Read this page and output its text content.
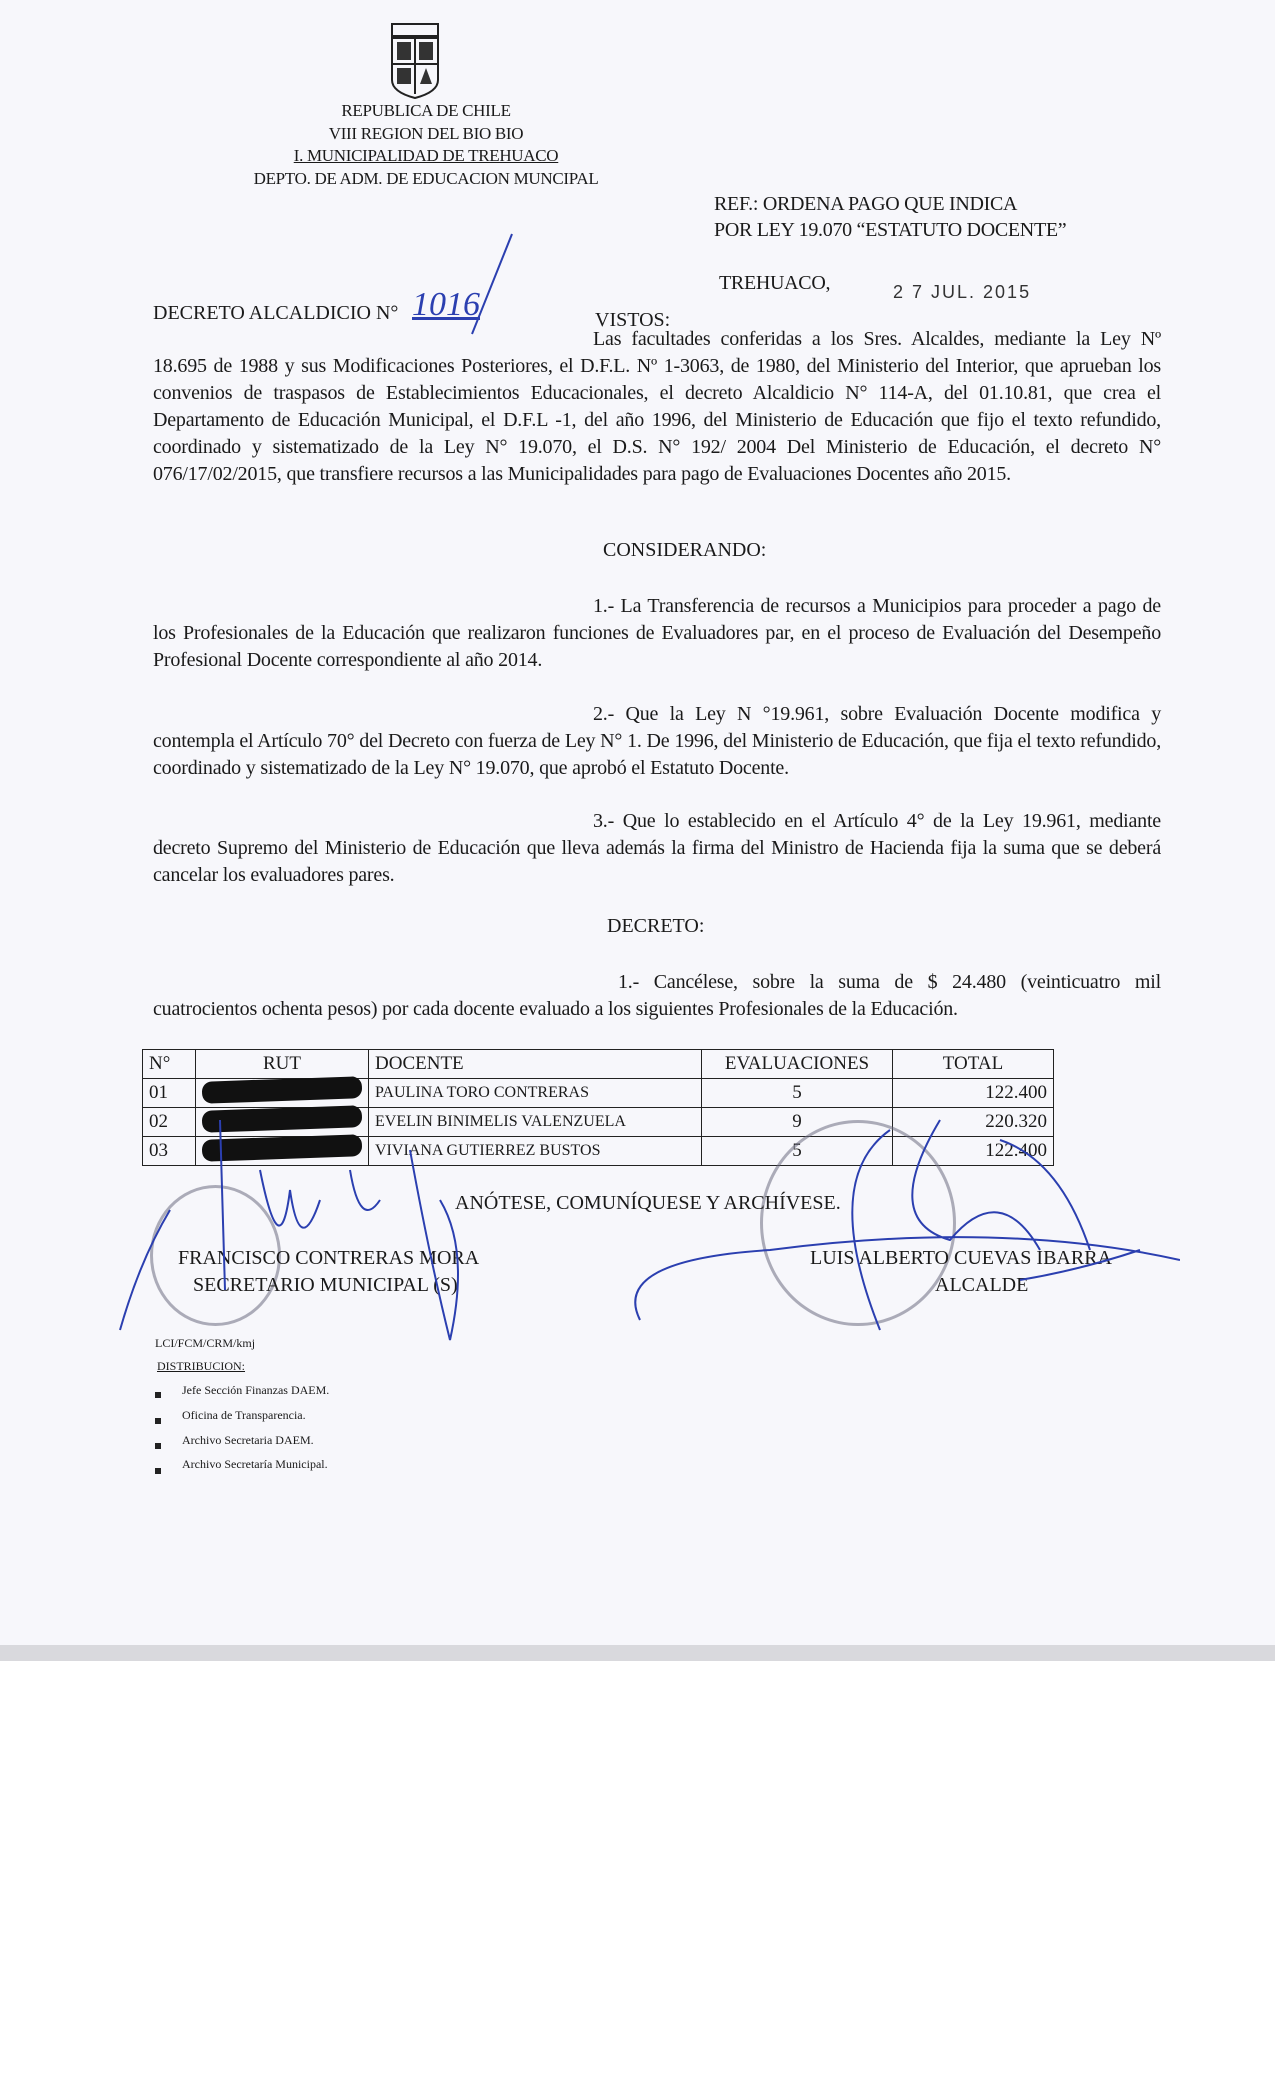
REPUBLICA DE CHILE
VIII REGION DEL BIO BIO
I. MUNICIPALIDAD DE TREHUACO
DEPTO. DE ADM. DE EDUCACION MUNCIPAL
REF.: ORDENA PAGO QUE INDICA
POR LEY 19.070 “ESTATUTO DOCENTE”
TREHUACO,	2 7 JUL. 2015
DECRETO ALCALDICIO N° 1016	VISTOS:
Las facultades conferidas a los Sres. Alcaldes, mediante la Ley Nº 18.695 de 1988 y sus Modificaciones Posteriores, el D.F.L. Nº 1-3063, de 1980, del Ministerio del Interior, que aprueban los convenios de traspasos de Establecimientos Educacionales, el decreto Alcaldicio N° 114-A, del 01.10.81, que crea el Departamento de Educación Municipal, el D.F.L -1, del año 1996, del Ministerio de Educación que fijo el texto refundido, coordinado y sistematizado de la Ley N° 19.070, el D.S. N° 192/ 2004 Del Ministerio de Educación, el decreto N° 076/17/02/2015, que transfiere recursos a las Municipalidades para pago de Evaluaciones Docentes año 2015.
CONSIDERANDO:
1.- La Transferencia de recursos a Municipios para proceder a pago de los Profesionales de la Educación que realizaron funciones de Evaluadores par, en el proceso de Evaluación del Desempeño Profesional Docente correspondiente al año 2014.
2.- Que la Ley N °19.961, sobre Evaluación Docente modifica y contempla el Artículo 70° del Decreto con fuerza de Ley N° 1. De 1996, del Ministerio de Educación, que fija el texto refundido, coordinado y sistematizado de la Ley N° 19.070, que aprobó el Estatuto Docente.
3.- Que lo establecido en el Artículo 4° de la Ley 19.961, mediante decreto Supremo del Ministerio de Educación que lleva además la firma del Ministro de Hacienda fija la suma que se deberá cancelar los evaluadores pares.
DECRETO:
1.- Cancélese, sobre la suma de $ 24.480 (veinticuatro mil cuatrocientos ochenta pesos) por cada docente evaluado a los siguientes Profesionales de la Educación.
N°	RUT	DOCENTE	EVALUACIONES	TOTAL
01		PAULINA TORO CONTRERAS	5	122.400
02		EVELIN BINIMELIS VALENZUELA	9	220.320
03		VIVIANA GUTIERREZ BUSTOS	5	122.400
ANÓTESE, COMUNÍQUESE Y ARCHÍVESE.
FRANCISCO CONTRERAS MORA
SECRETARIO MUNICIPAL (S)
LUIS ALBERTO CUEVAS IBARRA
ALCALDE
LCI/FCM/CRM/kmj
DISTRIBUCION:
Jefe Sección Finanzas DAEM.
Oficina de Transparencia.
Archivo Secretaria DAEM.
Archivo Secretaría Municipal.
